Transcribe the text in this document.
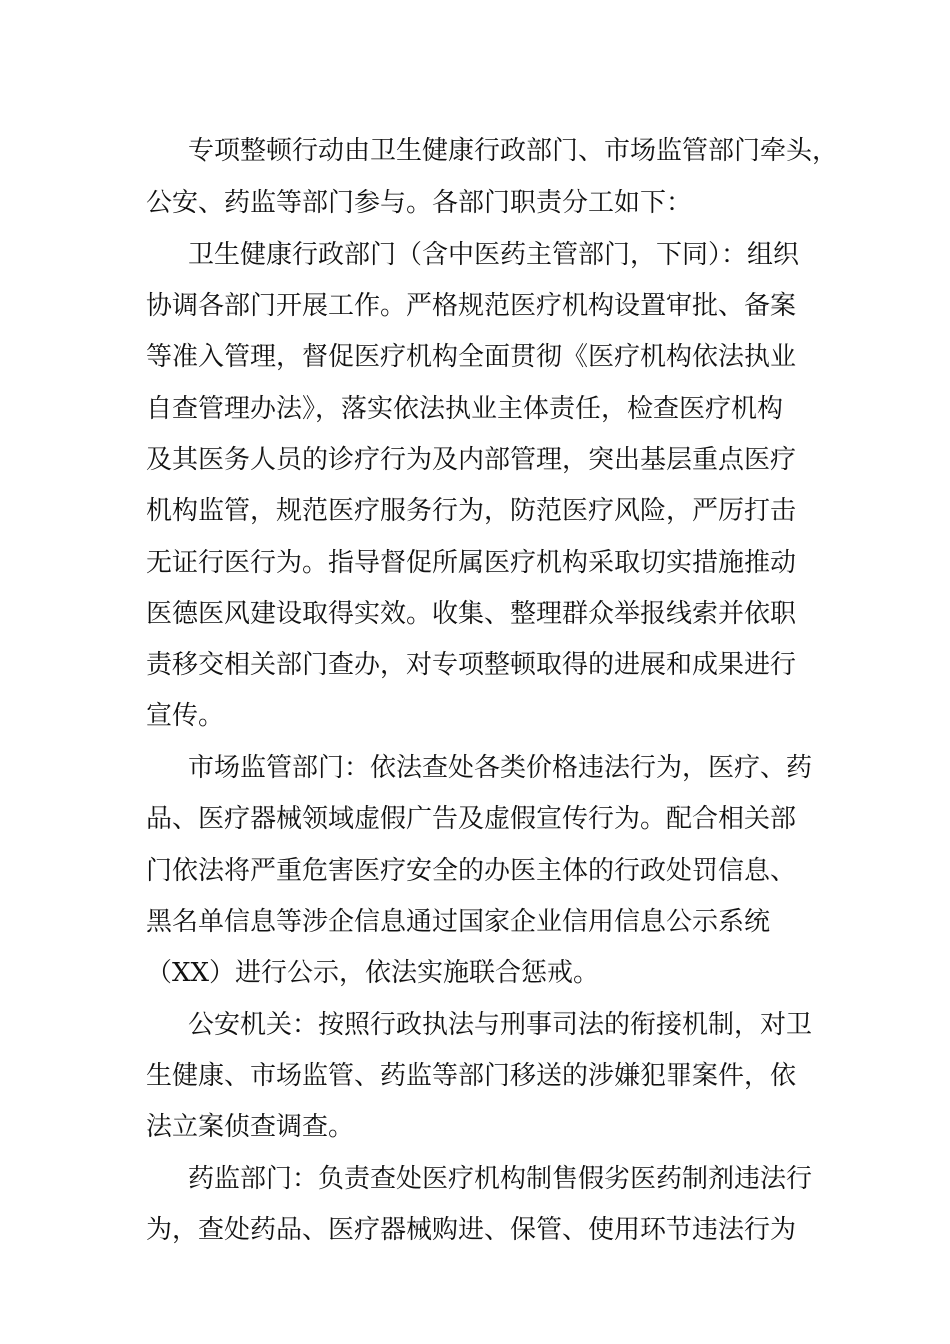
专项整顿行动由卫生健康行政部门、市场监管部门牵头，
公安、药监等部门参与。各部门职责分工如下：
卫生健康行政部门（含中医药主管部门，下同）：组织
协调各部门开展工作。严格规范医疗机构设置审批、备案
等准入管理，督促医疗机构全面贯彻《医疗机构依法执业
自查管理办法》，落实依法执业主体责任，检查医疗机构
及其医务人员的诊疗行为及内部管理，突出基层重点医疗
机构监管，规范医疗服务行为，防范医疗风险，严厉打击
无证行医行为。指导督促所属医疗机构采取切实措施推动
医德医风建设取得实效。收集、整理群众举报线索并依职
责移交相关部门查办，对专项整顿取得的进展和成果进行
宣传。
市场监管部门：依法查处各类价格违法行为，医疗、药
品、医疗器械领域虚假广告及虚假宣传行为。配合相关部
门依法将严重危害医疗安全的办医主体的行政处罚信息、
黑名单信息等涉企信息通过国家企业信用信息公示系统
（XX）进行公示，依法实施联合惩戒。
公安机关：按照行政执法与刑事司法的衔接机制，对卫
生健康、市场监管、药监等部门移送的涉嫌犯罪案件，依
法立案侦查调查。
药监部门：负责查处医疗机构制售假劣医药制剂违法行
为，查处药品、医疗器械购进、保管、使用环节违法行为
